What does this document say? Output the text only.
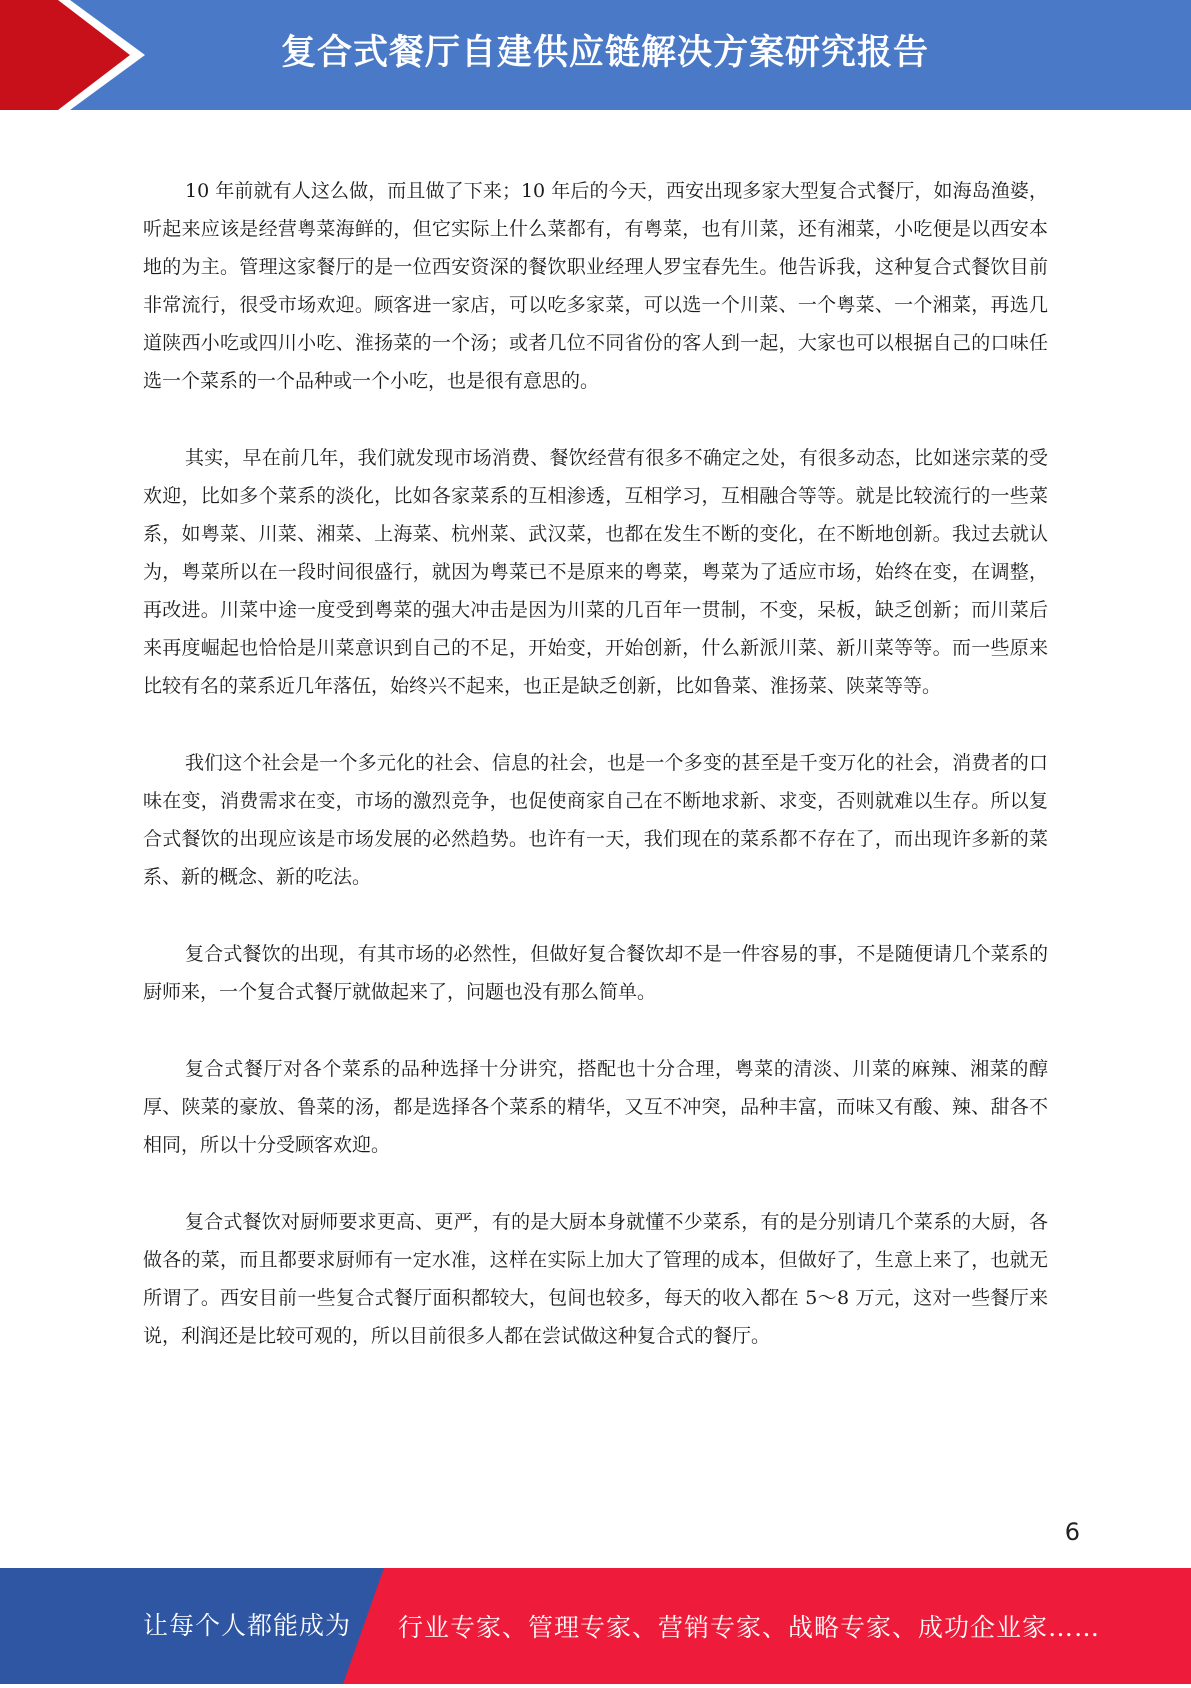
复合式餐厅自建供应链解决方案研究报告

10 年前就有人这么做，而且做了下来；10 年后的今天，西安出现多家大型复合式餐厅，如海岛渔婆，听起来应该是经营粤菜海鲜的，但它实际上什么菜都有，有粤菜，也有川菜，还有湘菜，小吃便是以西安本地的为主。管理这家餐厅的是一位西安资深的餐饮职业经理人罗宝春先生。他告诉我，这种复合式餐饮目前非常流行，很受市场欢迎。顾客进一家店，可以吃多家菜，可以选一个川菜、一个粤菜、一个湘菜，再选几道陕西小吃或四川小吃、淮扬菜的一个汤；或者几位不同省份的客人到一起，大家也可以根据自己的口味任选一个菜系的一个品种或一个小吃，也是很有意思的。

其实，早在前几年，我们就发现市场消费、餐饮经营有很多不确定之处，有很多动态，比如迷宗菜的受欢迎，比如多个菜系的淡化，比如各家菜系的互相渗透，互相学习，互相融合等等。就是比较流行的一些菜系，如粤菜、川菜、湘菜、上海菜、杭州菜、武汉菜，也都在发生不断的变化，在不断地创新。我过去就认为，粤菜所以在一段时间很盛行，就因为粤菜已不是原来的粤菜，粤菜为了适应市场，始终在变，在调整，再改进。川菜中途一度受到粤菜的强大冲击是因为川菜的几百年一贯制，不变，呆板，缺乏创新；而川菜后来再度崛起也恰恰是川菜意识到自己的不足，开始变，开始创新，什么新派川菜、新川菜等等。而一些原来比较有名的菜系近几年落伍，始终兴不起来，也正是缺乏创新，比如鲁菜、淮扬菜、陕菜等等。

我们这个社会是一个多元化的社会、信息的社会，也是一个多变的甚至是千变万化的社会，消费者的口味在变，消费需求在变，市场的激烈竞争，也促使商家自己在不断地求新、求变，否则就难以生存。所以复合式餐饮的出现应该是市场发展的必然趋势。也许有一天，我们现在的菜系都不存在了，而出现许多新的菜系、新的概念、新的吃法。

复合式餐饮的出现，有其市场的必然性，但做好复合餐饮却不是一件容易的事，不是随便请几个菜系的厨师来，一个复合式餐厅就做起来了，问题也没有那么简单。

复合式餐厅对各个菜系的品种选择十分讲究，搭配也十分合理，粤菜的清淡、川菜的麻辣、湘菜的醇厚、陕菜的豪放、鲁菜的汤，都是选择各个菜系的精华，又互不冲突，品种丰富，而味又有酸、辣、甜各不相同，所以十分受顾客欢迎。

复合式餐饮对厨师要求更高、更严，有的是大厨本身就懂不少菜系，有的是分别请几个菜系的大厨，各做各的菜，而且都要求厨师有一定水准，这样在实际上加大了管理的成本，但做好了，生意上来了，也就无所谓了。西安目前一些复合式餐厅面积都较大，包间也较多，每天的收入都在 5～8 万元，这对一些餐厅来说，利润还是比较可观的，所以目前很多人都在尝试做这种复合式的餐厅。

6
让每个人都能成为 行业专家、管理专家、营销专家、战略专家、成功企业家……
